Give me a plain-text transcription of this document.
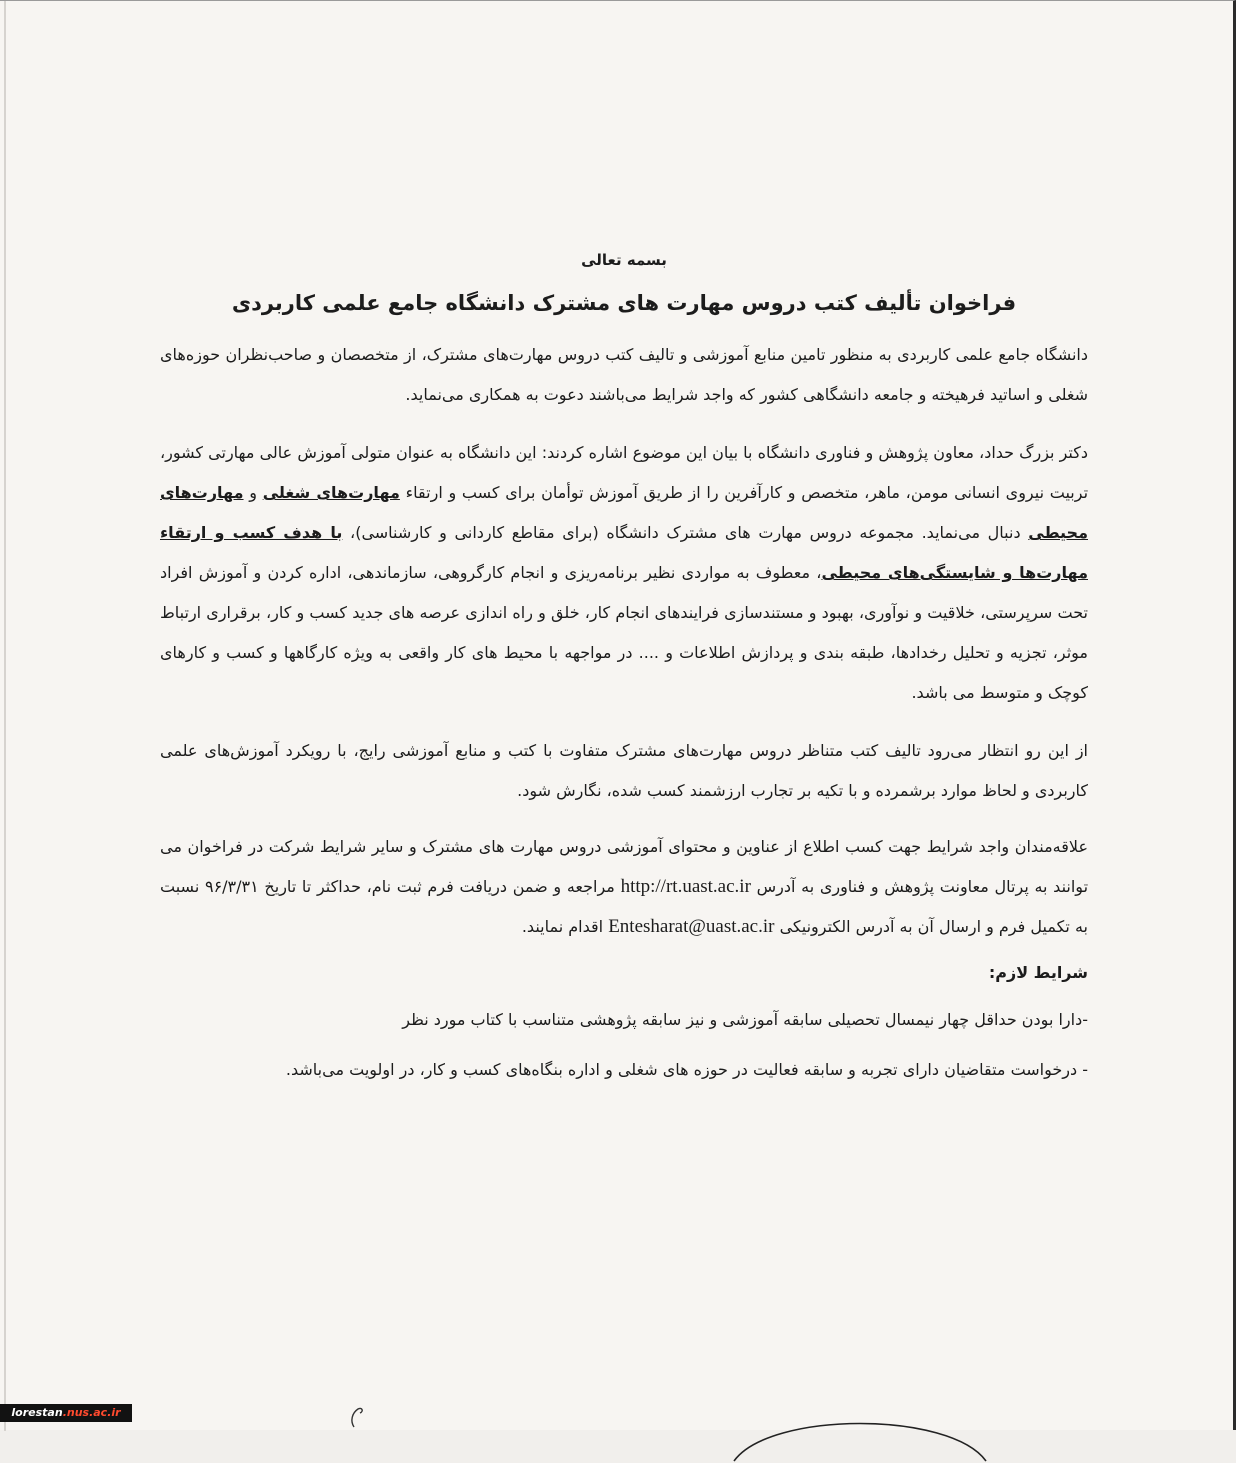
بسمه تعالی
فراخوان تألیف کتب دروس مهارت های مشترک دانشگاه جامع علمی کاربردی

دانشگاه جامع علمی کاربردی به منظور تامین منابع آموزشی و تالیف کتب دروس مهارت‌های مشترک، از متخصصان و صاحب‌نظران حوزه‌های شغلی و اساتید فرهیخته و جامعه دانشگاهی کشور که واجد شرایط می‌باشند دعوت به همکاری می‌نماید.

دکتر بزرگ حداد، معاون پژوهش و فناوری دانشگاه با بیان این موضوع اشاره کردند: این دانشگاه به عنوان متولی آموزش عالی مهارتی کشور، تربیت نیروی انسانی مومن، ماهر، متخصص و کارآفرین را از طریق آموزش توأمان برای کسب و ارتقاء مهارت‌های شغلی و مهارت‌های محیطی دنبال می‌نماید. مجموعه دروس مهارت های مشترک دانشگاه (برای مقاطع کاردانی و کارشناسی)، با هدف کسب و ارتقاء مهارت‌ها و شایستگی‌های محیطی، معطوف به مواردی نظیر برنامه‌ریزی و انجام کارگروهی، سازماندهی، اداره کردن و آموزش افراد تحت سرپرستی، خلاقیت و نوآوری، بهبود و مستندسازی فرایندهای انجام کار، خلق و راه اندازی عرصه های جدید کسب و کار، برقراری ارتباط موثر، تجزیه و تحلیل رخدادها، طبقه بندی و پردازش اطلاعات و .... در مواجهه با محیط های کار واقعی به ویژه کارگاهها و کسب و کارهای کوچک و متوسط می باشد.

از این رو انتظار می‌رود تالیف کتب متناظر دروس مهارت‌های مشترک متفاوت با کتب و منابع آموزشی رایج، با رویکرد آموزش‌های علمی کاربردی و لحاظ موارد برشمرده و با تکیه بر تجارب ارزشمند کسب شده، نگارش شود.

علاقه‌مندان واجد شرایط جهت کسب اطلاع از عناوین و محتوای آموزشی دروس مهارت های مشترک و سایر شرایط شرکت در فراخوان می توانند به پرتال معاونت پژوهش و فناوری به آدرس http://rt.uast.ac.ir مراجعه و ضمن دریافت فرم ثبت نام، حداکثر تا تاریخ ۹۶/۳/۳۱ نسبت به تکمیل فرم و ارسال آن به آدرس الکترونیکی Entesharat@uast.ac.ir اقدام نمایند.

شرایط لازم:

-دارا بودن حداقل چهار نیمسال تحصیلی سابقه آموزشی و نیز سابقه پژوهشی متناسب با کتاب مورد نظر

- درخواست متقاضیان دارای تجربه و سابقه فعالیت در حوزه های شغلی و اداره بنگاه‌های کسب و کار، در اولویت می‌باشد.

lorestan.nus.ac.ir
